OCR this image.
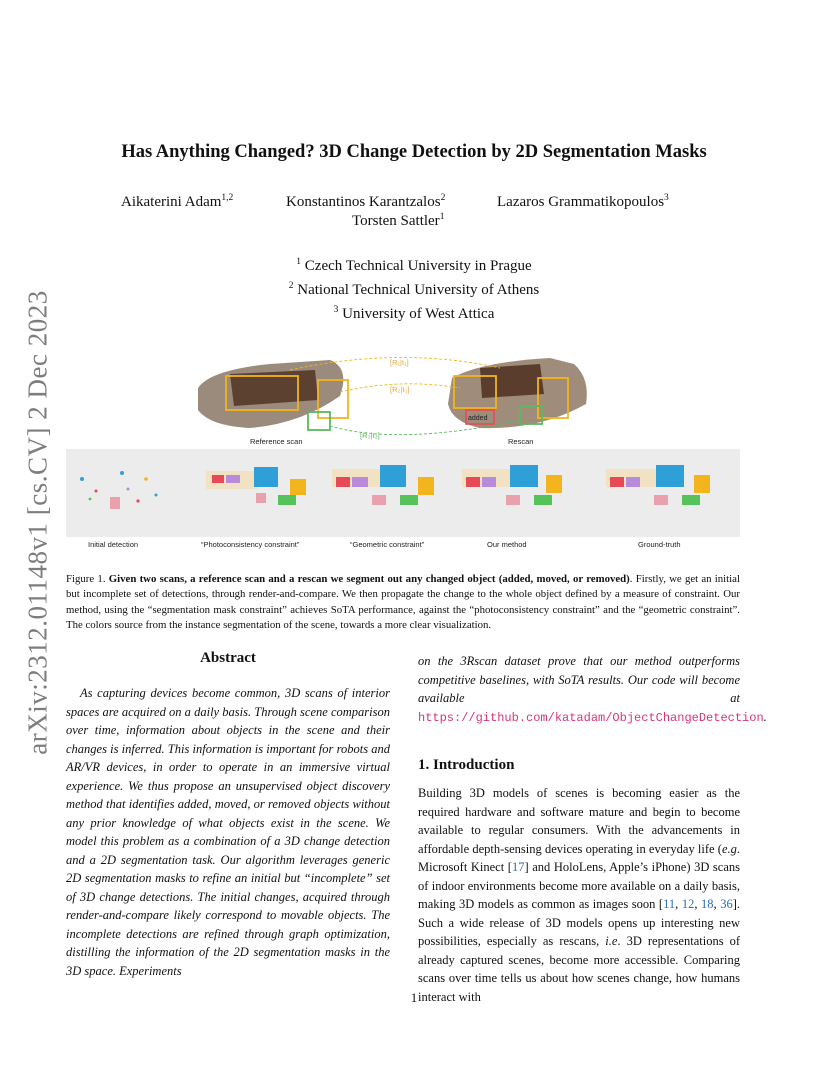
arXiv:2312.01148v1 [cs.CV] 2 Dec 2023
Has Anything Changed? 3D Change Detection by 2D Segmentation Masks
Aikaterini Adam$^{1,2}$	Konstantinos Karantzalos$^2$	Lazaros Grammatikopoulos$^3$
Torsten Sattler$^1$
$^1$ Czech Technical University in Prague
$^2$ National Technical University of Athens
$^3$ University of West Attica
Reference scan
added
Rescan
[R₁|t₁]
[R₂|t₂]
[R₃|t₃]
Initial detection	“Photoconsistency constraint”	“Geometric constraint”	Our method	Ground-truth

Figure 1. Given two scans, a reference scan and a rescan we segment out any changed object (added, moved, or removed). Firstly, we get an initial but incomplete set of detections, through render-and-compare. We then propagate the change to the whole object defined by a measure of constraint. Our method, using the “segmentation mask constraint” achieves SoTA performance, against the “photoconsistency constraint” and the “geometric constraint”. The colors source from the instance segmentation of the scene, towards a more clear visualization.

Abstract

As capturing devices become common, 3D scans of interior spaces are acquired on a daily basis. Through scene comparison over time, information about objects in the scene and their changes is inferred. This information is important for robots and AR/VR devices, in order to operate in an immersive virtual experience. We thus propose an unsupervised object discovery method that identifies added, moved, or removed objects without any prior knowledge of what objects exist in the scene. We model this problem as a combination of a 3D change detection and a 2D segmentation task. Our algorithm leverages generic 2D segmentation masks to refine an initial but “incomplete” set of 3D change detections. The initial changes, acquired through render-and-compare likely correspond to movable objects. The incomplete detections are refined through graph optimization, distilling the information of the 2D segmentation masks in the 3D space. Experiments

on the 3Rscan dataset prove that our method outperforms competitive baselines, with SoTA results. Our code will become available at https://github.com/katadam/ObjectChangeDetection.

1. Introduction

Building 3D models of scenes is becoming easier as the required hardware and software mature and begin to become available to regular consumers. With the advancements in affordable depth-sensing devices operating in everyday life (e.g. Microsoft Kinect [17] and HoloLens, Apple’s iPhone) 3D scans of indoor environments become more available on a daily basis, making 3D models as common as images soon [11, 12, 18, 36]. Such a wide release of 3D models opens up interesting new possibilities, especially as rescans, i.e. 3D representations of already captured scenes, become more accessible. Comparing scans over time tells us about how scenes change, how humans interact with

1
